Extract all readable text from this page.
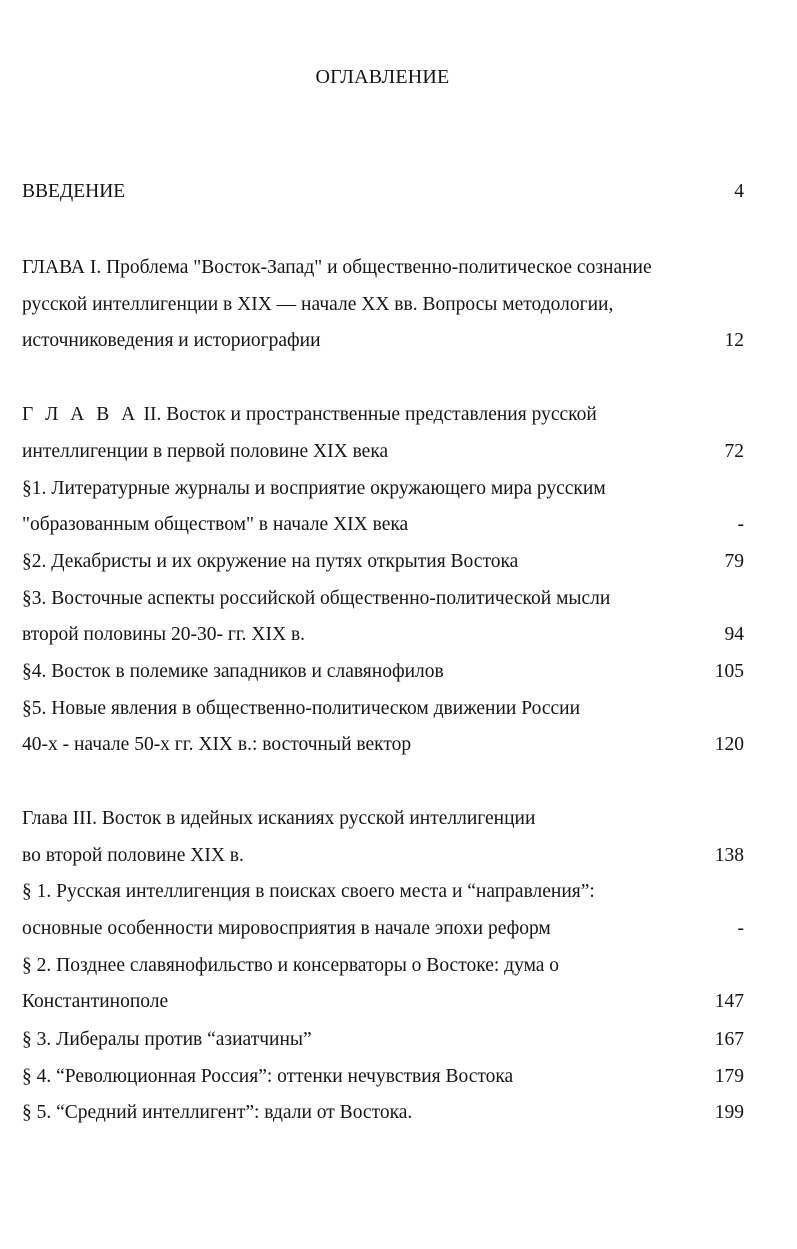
ОГЛАВЛЕНИЕ
ВВЕДЕНИЕ	4
ГЛАВА I. Проблема "Восток-Запад" и общественно-политическое сознание
русской интеллигенции в XIX — начале XX вв. Вопросы методологии,
источниковедения и историографии	12
Г Л А В А II. Восток и пространственные представления русской
интеллигенции в первой половине XIX века	72
§1. Литературные журналы и восприятие окружающего мира русским
"образованным обществом" в начале XIX века	-
§2. Декабристы и их окружение на путях открытия Востока	79
§3. Восточные аспекты российской общественно-политической мысли
второй половины 20-30- гг. XIX в.	94
§4. Восток в полемике западников и славянофилов	105
§5. Новые явления в общественно-политическом движении России
40-х - начале 50-х гг. XIX в.: восточный вектор	120
Глава III. Восток в идейных исканиях русской интеллигенции
во второй половине XIX в.	138
§ 1. Русская интеллигенция в поисках своего места и “направления”:
основные особенности мировосприятия в начале эпохи реформ	-
§ 2. Позднее славянофильство и консерваторы о Востоке: дума о
Константинополе	147
§ 3. Либералы против “азиатчины”	167
§ 4. “Революционная Россия”: оттенки нечувствия Востока	179
§ 5. “Средний интеллигент”: вдали от Востока.	199
